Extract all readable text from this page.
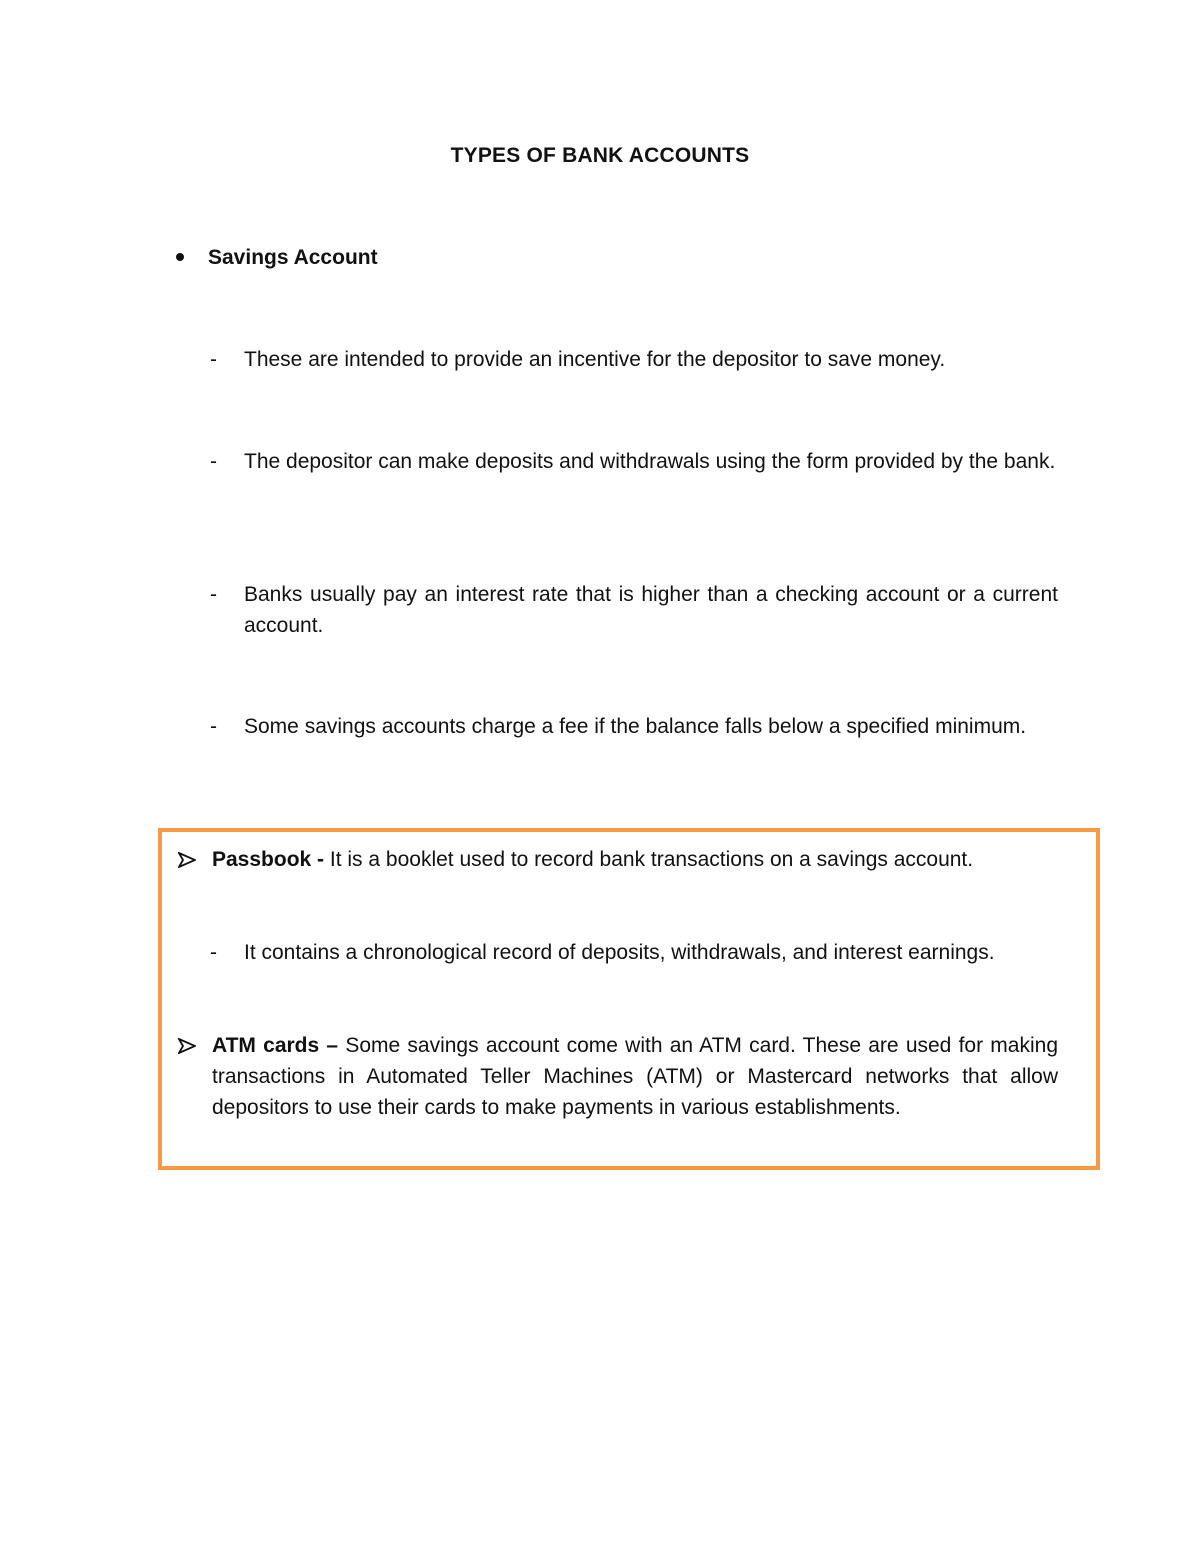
TYPES OF BANK ACCOUNTS
Savings Account
-	These are intended to provide an incentive for the depositor to save money.
-	The depositor can make deposits and withdrawals using the form provided by the bank.
-	Banks usually pay an interest rate that is higher than a checking account or a current account.
-	Some savings accounts charge a fee if the balance falls below a specified minimum.
Passbook - It is a booklet used to record bank transactions on a savings account.
-	It contains a chronological record of deposits, withdrawals, and interest earnings.
ATM cards – Some savings account come with an ATM card. These are used for making transactions in Automated Teller Machines (ATM) or Mastercard networks that allow depositors to use their cards to make payments in various establishments.
